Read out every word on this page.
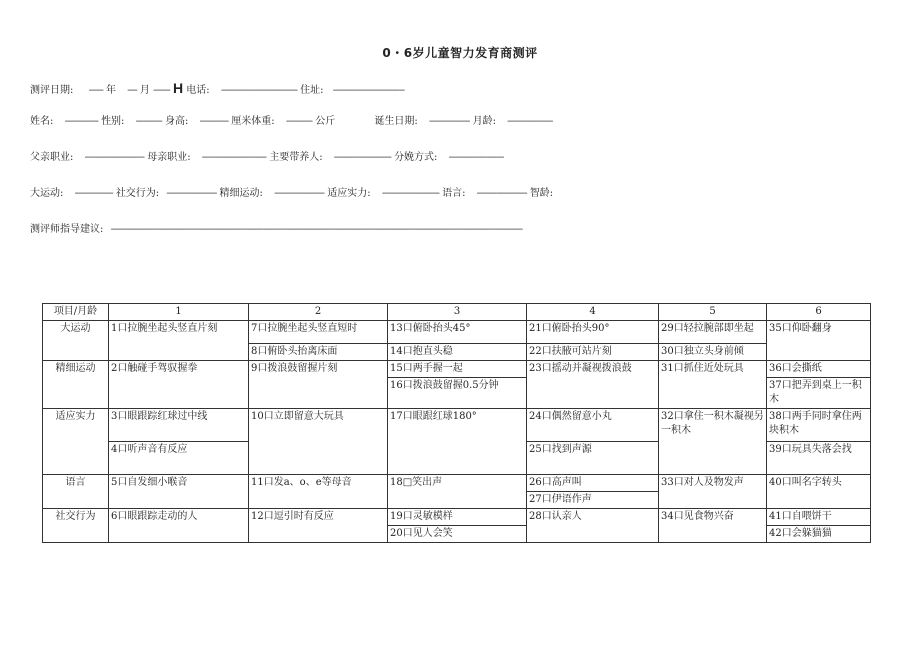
0・6岁儿童智力发育商测评
测评日期: ------ 年 ---- 月 ------- H 电话: -------------------------------- 住址: ------------------------------
姓名: -------------- 性别: ----------- 身高: ------------ 厘米体重: ----------- 公斤	诞生日期: ----------------- 月龄: -------------------
父亲职业: ------------------------- 母亲职业: --------------------------- 主要带养人: ------------------------ 分娩方式: -----------------------
大运动: ---------------- 社交行为: --------------------- 精细运动: --------------------- 适应实力: ------------------------ 语言: --------------------- 智龄:
测评师指导建议: -----------------------------------------------------------------------------------------------------------------------------------------------------------------------------
项目/月龄	1	2	3	4	5	6
大运动	1口拉腕坐起头竖直片刻	7口拉腕坐起头竖直短时	13口俯卧抬头45°	21口俯卧抬头90°	29口轻拉腕部即坐起	35口仰卧翻身
		8口俯卧头抬离床面	14口抱直头稳	22口扶腋可站片刻	30口独立头身前倾	
精细运动	2口触碰手驾驭握拳	9口拨浪鼓留握片刻	15口两手握一起	23口摇动并凝视拨浪鼓	31口抓住近处玩具	36口会撕纸
			16口拨浪鼓留握0.5分钟			37口把弄到桌上一积木
适应实力	3口眼跟踪红球过中线	10口立即留意大玩具	17口眼跟红球180°	24口偶然留意小丸	32口拿住一积木凝视另一积木	38口两手同时拿住两块积木
	4口听声音有反应			25口找到声源		39口玩具失落会找
语言	5口自发细小喉音	11口发a、o、e等母音	18□笑出声	26口高声叫	33口对人及物发声	40口叫名字转头
				27口伊语作声		
社交行为	6口眼跟踪走动的人	12口逗引时有反应	19口灵敏模样	28口认亲人	34口见食物兴奋	41口自喂饼干
			20口见人会笑			42口会躲猫猫
